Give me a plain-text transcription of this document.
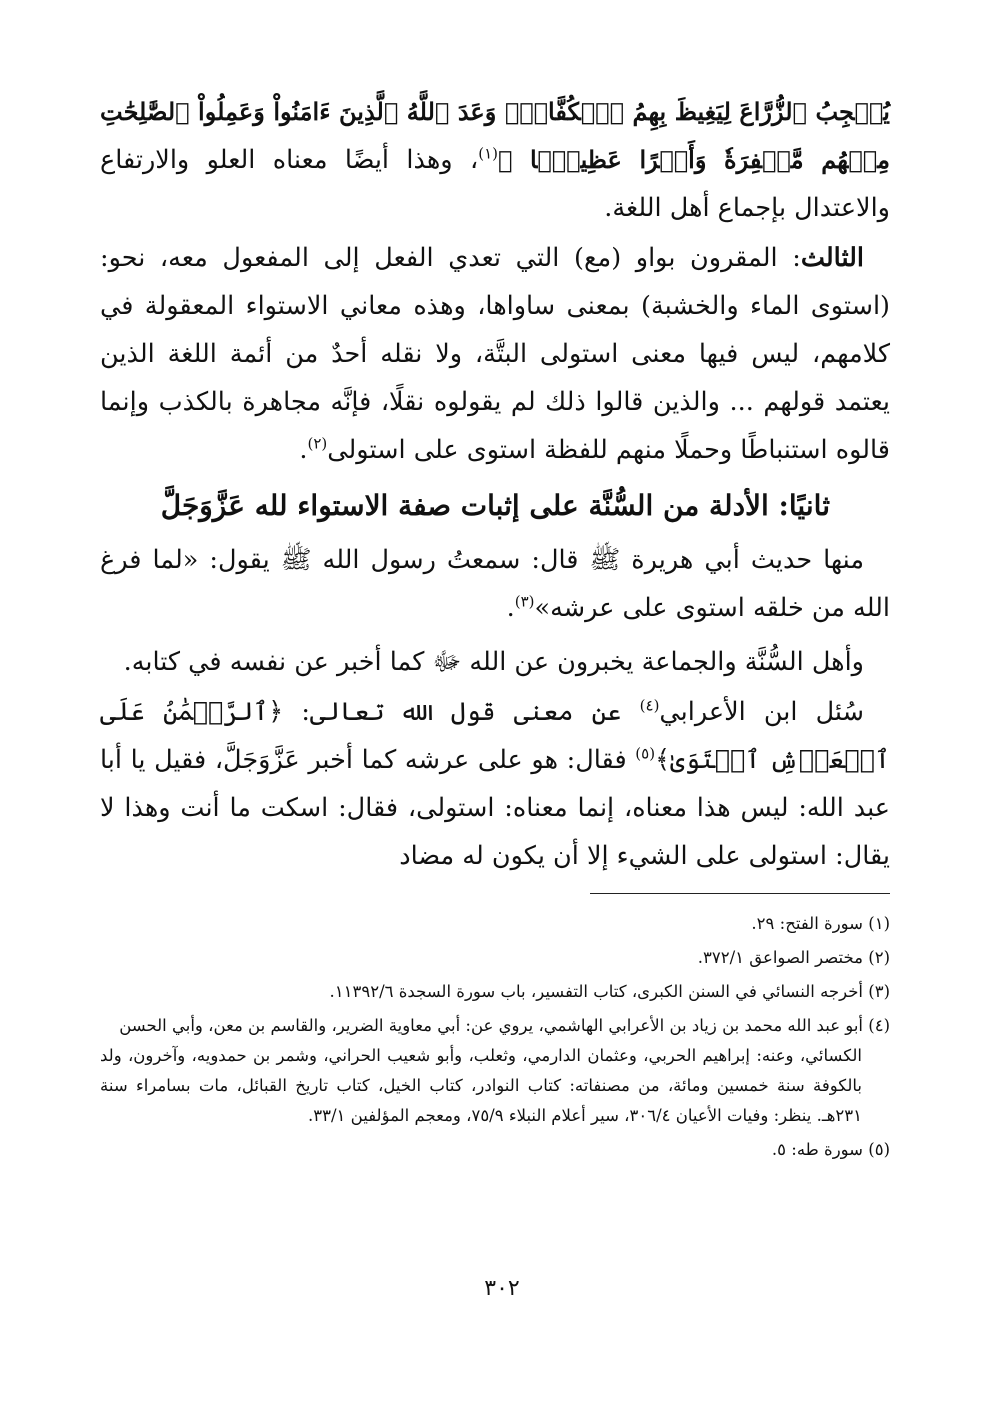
يُعۡجِبُ ٱلزُّرَّاعَ لِيَغِيظَ بِهِمُ ٱلۡكُفَّارَۗ وَعَدَ ٱللَّهُ ٱلَّذِينَ ءَامَنُواْ وَعَمِلُواْ ٱلصَّٰلِحَٰتِ مِنۡهُم مَّغۡفِرَةٗ وَأَجۡرًا عَظِيمَۢا ﴾$^{(١)}$، وهذا أيضًا معناه العلو والارتفاع والاعتدال بإجماع أهل اللغة.

الثالث: المقرون بواو (مع) التي تعدي الفعل إلى المفعول معه، نحو: (استوى الماء والخشبة) بمعنى ساواها، وهذه معاني الاستواء المعقولة في كلامهم، ليس فيها معنى استولى البتَّة، ولا نقله أحدٌ من أئمة اللغة الذين يعتمد قولهم ... والذين قالوا ذلك لم يقولوه نقلًا، فإنَّه مجاهرة بالكذب وإنما قالوه استنباطًا وحملًا منهم للفظة استوى على استولى$^{(٢)}$.

ثانيًا: الأدلة من السُّنَّة على إثبات صفة الاستواء لله عَزَّوَجَلَّ

منها حديث أبي هريرة ﷺ قال: سمعتُ رسول الله ﷺ يقول: «لما فرغ الله من خلقه استوى على عرشه»$^{(٣)}$.

وأهل السُّنَّة والجماعة يخبرون عن الله ﷻ كما أخبر عن نفسه في كتابه.

سُئل ابن الأعرابي$^{(٤)}$ عن معنى قول الله تعالى: ﴿ٱلرَّحۡمَٰنُ عَلَى ٱلۡعَرۡشِ ٱسۡتَوَىٰ﴾$^{(٥)}$ فقال: هو على عرشه كما أخبر عَزَّوَجَلَّ، فقيل يا أبا عبد الله: ليس هذا معناه، إنما معناه: استولى، فقال: اسكت ما أنت وهذا لا يقال: استولى على الشيء إلا أن يكون له مضاد

(١) سورة الفتح: ٢٩.

(٢) مختصر الصواعق ٣٧٢/١.

(٣) أخرجه النسائي في السنن الكبرى، كتاب التفسير، باب سورة السجدة ١١٣٩٢/٦.

(٤) أبو عبد الله محمد بن زياد بن الأعرابي الهاشمي، يروي عن: أبي معاوية الضرير، والقاسم بن معن، وأبي الحسن

الكسائي، وعنه: إبراهيم الحربي، وعثمان الدارمي، وثعلب، وأبو شعيب الحراني، وشمر بن حمدويه، وآخرون، ولد بالكوفة سنة خمسين ومائة، من مصنفاته: كتاب النوادر، كتاب الخيل، كتاب تاريخ القبائل، مات بسامراء سنة ٢٣١هـ. ينظر: وفيات الأعيان ٣٠٦/٤، سير أعلام النبلاء ٧٥/٩، ومعجم المؤلفين ٣٣/١.

(٥) سورة طه: ٥.

٣٠٢
